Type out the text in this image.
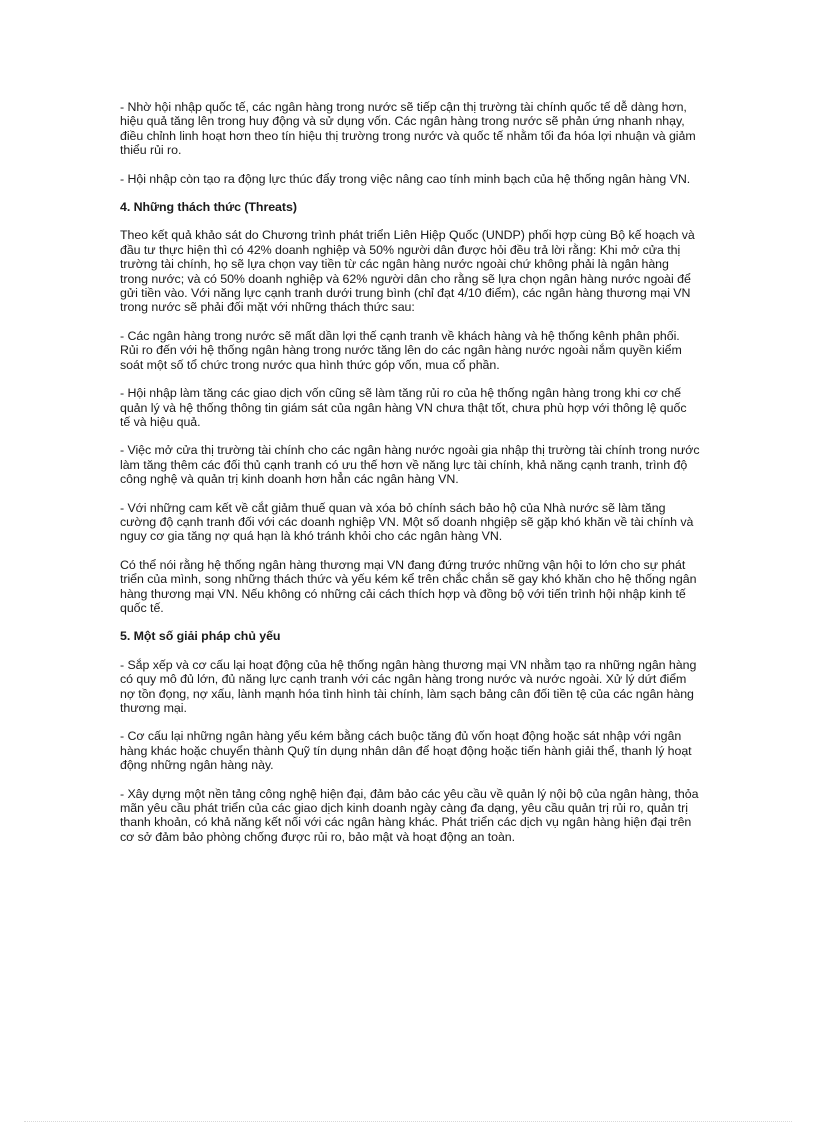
- Nhờ hội nhập quốc tế, các ngân hàng trong nước sẽ tiếp cận thị trường tài chính quốc tế dễ dàng hơn, hiệu quả tăng lên trong huy động và sử dụng vốn. Các ngân hàng trong nước sẽ phản ứng nhanh nhạy, điều chỉnh linh hoạt hơn theo tín hiệu thị trường trong nước và quốc tế nhằm tối đa hóa lợi nhuận và giảm thiểu rủi ro.

- Hội nhập còn tạo ra động lực thúc đẩy trong việc nâng cao tính minh bạch của hệ thống ngân hàng VN.

4. Những thách thức (Threats)

Theo kết quả khảo sát do Chương trình phát triển Liên Hiệp Quốc (UNDP) phối hợp cùng Bộ kế hoạch và đầu tư thực hiện thì có 42% doanh nghiệp và 50% người dân được hỏi đều trả lời rằng: Khi mở cửa thị trường tài chính, họ sẽ lựa chọn vay tiền từ các ngân hàng nước ngoài chứ không phải là ngân hàng trong nước; và có 50% doanh nghiệp và 62% người dân cho rằng sẽ lựa chọn ngân hàng nước ngoài để gửi tiền vào. Với năng lực cạnh tranh dưới trung bình (chỉ đạt 4/10 điểm), các ngân hàng thương mại VN trong nước sẽ phải đối mặt với những thách thức sau:

- Các ngân hàng trong nước sẽ mất dần lợi thế cạnh tranh về khách hàng và hệ thống kênh phân phối. Rủi ro đến với hệ thống ngân hàng trong nước tăng lên do các ngân hàng nước ngoài nắm quyền kiểm soát một số tổ chức trong nước qua hình thức góp vốn, mua cổ phần.

- Hội nhập làm tăng các giao dịch vốn cũng sẽ làm tăng rủi ro của hệ thống ngân hàng trong khi cơ chế quản lý và hệ thống thông tin giám sát của ngân hàng VN chưa thật tốt, chưa phù hợp với thông lệ quốc tế và hiệu quả.

- Việc mở cửa thị trường tài chính cho các ngân hàng nước ngoài gia nhập thị trường tài chính trong nước làm tăng thêm các đối thủ cạnh tranh có ưu thế hơn về năng lực tài chính, khả năng cạnh tranh, trình độ công nghệ và quản trị kinh doanh hơn hẳn các ngân hàng VN.

- Với những cam kết về cắt giảm thuế quan và xóa bỏ chính sách bảo hộ của Nhà nước sẽ làm tăng cường độ cạnh tranh đối với các doanh nghiệp VN. Một số doanh nhgiệp sẽ gặp khó khăn về tài chính và nguy cơ gia tăng nợ quá hạn là khó tránh khỏi cho các ngân hàng VN.

Có thể nói rằng hệ thống ngân hàng thương mại VN đang đứng trước những vận hội to lớn cho sự phát triển của mình, song những thách thức và yếu kém kể trên chắc chắn sẽ gay khó khăn cho hệ thống ngân hàng thương mại VN. Nếu không có những cải cách thích hợp và đồng bộ với tiến trình hội nhập kinh tế quốc tế.

5. Một số giải pháp chủ yếu

- Sắp xếp và cơ cấu lại hoạt động của hệ thống ngân hàng thương mại VN nhằm tạo ra những ngân hàng có quy mô đủ lớn, đủ năng lực cạnh tranh với các ngân hàng trong nước và nước ngoài. Xử lý dứt điểm nợ tồn đọng, nợ xấu, lành mạnh hóa tình hình tài chính, làm sạch bảng cân đối tiền tệ của các ngân hàng thương mại.

- Cơ cấu lại những ngân hàng yếu kém bằng cách buộc tăng đủ vốn hoạt động hoặc sát nhập với ngân hàng khác hoặc chuyển thành Quỹ tín dụng nhân dân để hoạt động hoặc tiến hành giải thể, thanh lý hoạt động những ngân hàng này.

- Xây dựng một nền tảng công nghệ hiện đại, đảm bảo các yêu cầu về quản lý nội bộ của ngân hàng, thỏa mãn yêu cầu phát triển của các giao dịch kinh doanh ngày càng đa dạng, yêu cầu quản trị rủi ro, quản trị thanh khoản, có khả năng kết nối với các ngân hàng khác. Phát triển các dịch vụ ngân hàng hiện đại trên cơ sở đảm bảo phòng chống được rủi ro, bảo mật và hoạt động an toàn.
